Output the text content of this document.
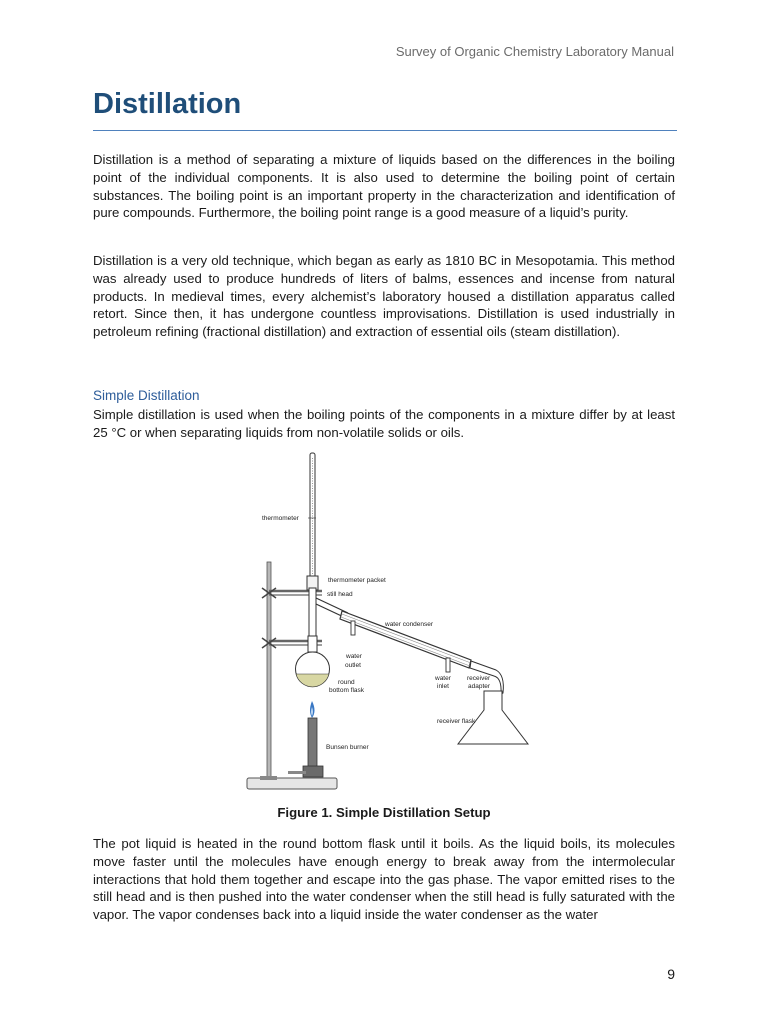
Survey of Organic Chemistry Laboratory Manual
Distillation

Distillation is a method of separating a mixture of liquids based on the differences in the boiling point of the individual components. It is also used to determine the boiling point of certain substances. The boiling point is an important property in the characterization and identification of pure compounds. Furthermore, the boiling point range is a good measure of a liquid’s purity.

Distillation is a very old technique, which began as early as 1810 BC in Mesopotamia. This method was already used to produce hundreds of liters of balms, essences and incense from natural products. In medieval times, every alchemist’s laboratory housed a distillation apparatus called retort. Since then, it has undergone countless improvisations. Distillation is used industrially in petroleum refining (fractional distillation) and extraction of essential oils (steam distillation).

Simple Distillation

Simple distillation is used when the boiling points of the components in a mixture differ by at least 25 °C or when separating liquids from non-volatile solids or oils.

thermometer
thermometer packet
still head
water condenser
water
outlet
round
bottom flask
water
inlet
receiver
adapter
receiver flask
Bunsen burner

Figure 1. Simple Distillation Setup

The pot liquid is heated in the round bottom flask until it boils. As the liquid boils, its molecules move faster until the molecules have enough energy to break away from the intermolecular interactions that hold them together and escape into the gas phase. The vapor emitted rises to the still head and is then pushed into the water condenser when the still head is fully saturated with the vapor. The vapor condenses back into a liquid inside the water condenser as the water

9
